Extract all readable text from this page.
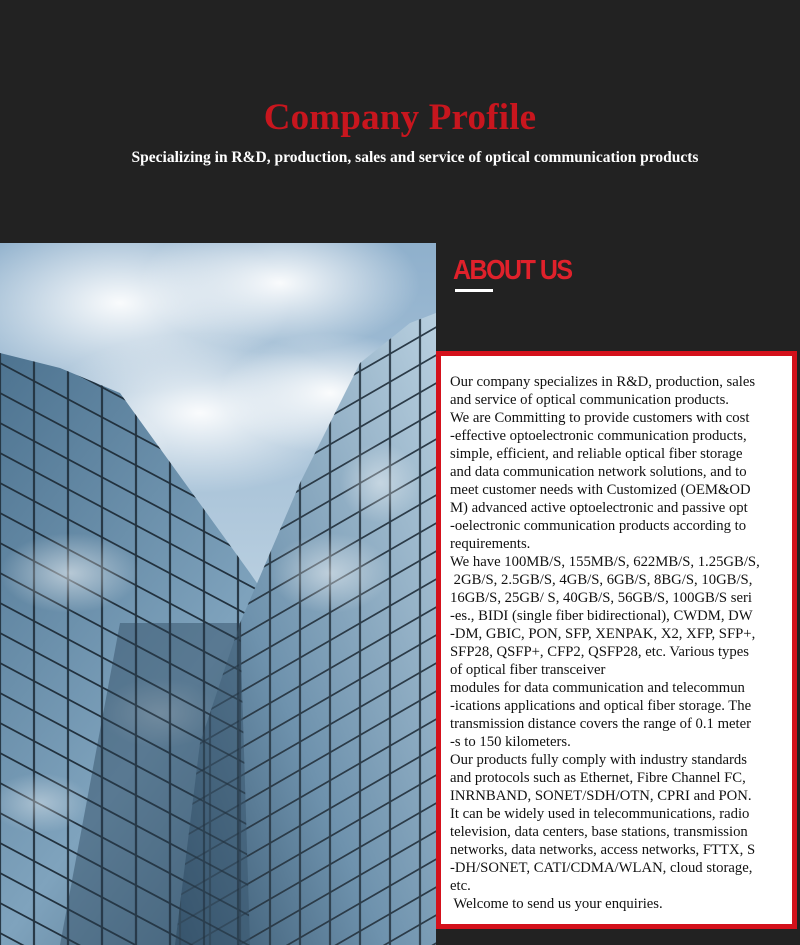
Company Profile

Specializing in R&D, production, sales and service of optical communication products

ABOUT US
Our company specializes in R&D, production, sales
and service of optical communication products.
We are Committing to provide customers with cost
-effective optoelectronic communication products,
simple, efficient, and reliable optical fiber storage
and data communication network solutions, and to
meet customer needs with Customized (OEM&OD
M) advanced active optoelectronic and passive opt
-oelectronic communication products according to
requirements.
We have 100MB/S, 155MB/S, 622MB/S, 1.25GB/S,
2GB/S, 2.5GB/S, 4GB/S, 6GB/S, 8BG/S, 10GB/S,
16GB/S, 25GB/ S, 40GB/S, 56GB/S, 100GB/S seri
-es., BIDI (single fiber bidirectional), CWDM, DW
-DM, GBIC, PON, SFP, XENPAK, X2, XFP, SFP+,
SFP28, QSFP+, CFP2, QSFP28, etc. Various types
of optical fiber transceiver
modules for data communication and telecommun
-ications applications and optical fiber storage. The
transmission distance covers the range of 0.1 meter
-s to 150 kilometers.
Our products fully comply with industry standards
and protocols such as Ethernet, Fibre Channel FC,
INRNBAND, SONET/SDH/OTN, CPRI and PON.
It can be widely used in telecommunications, radio
television, data centers, base stations, transmission
networks, data networks, access networks, FTTX, S
-DH/SONET, CATI/CDMA/WLAN, cloud storage,
etc.
Welcome to send us your enquiries.
